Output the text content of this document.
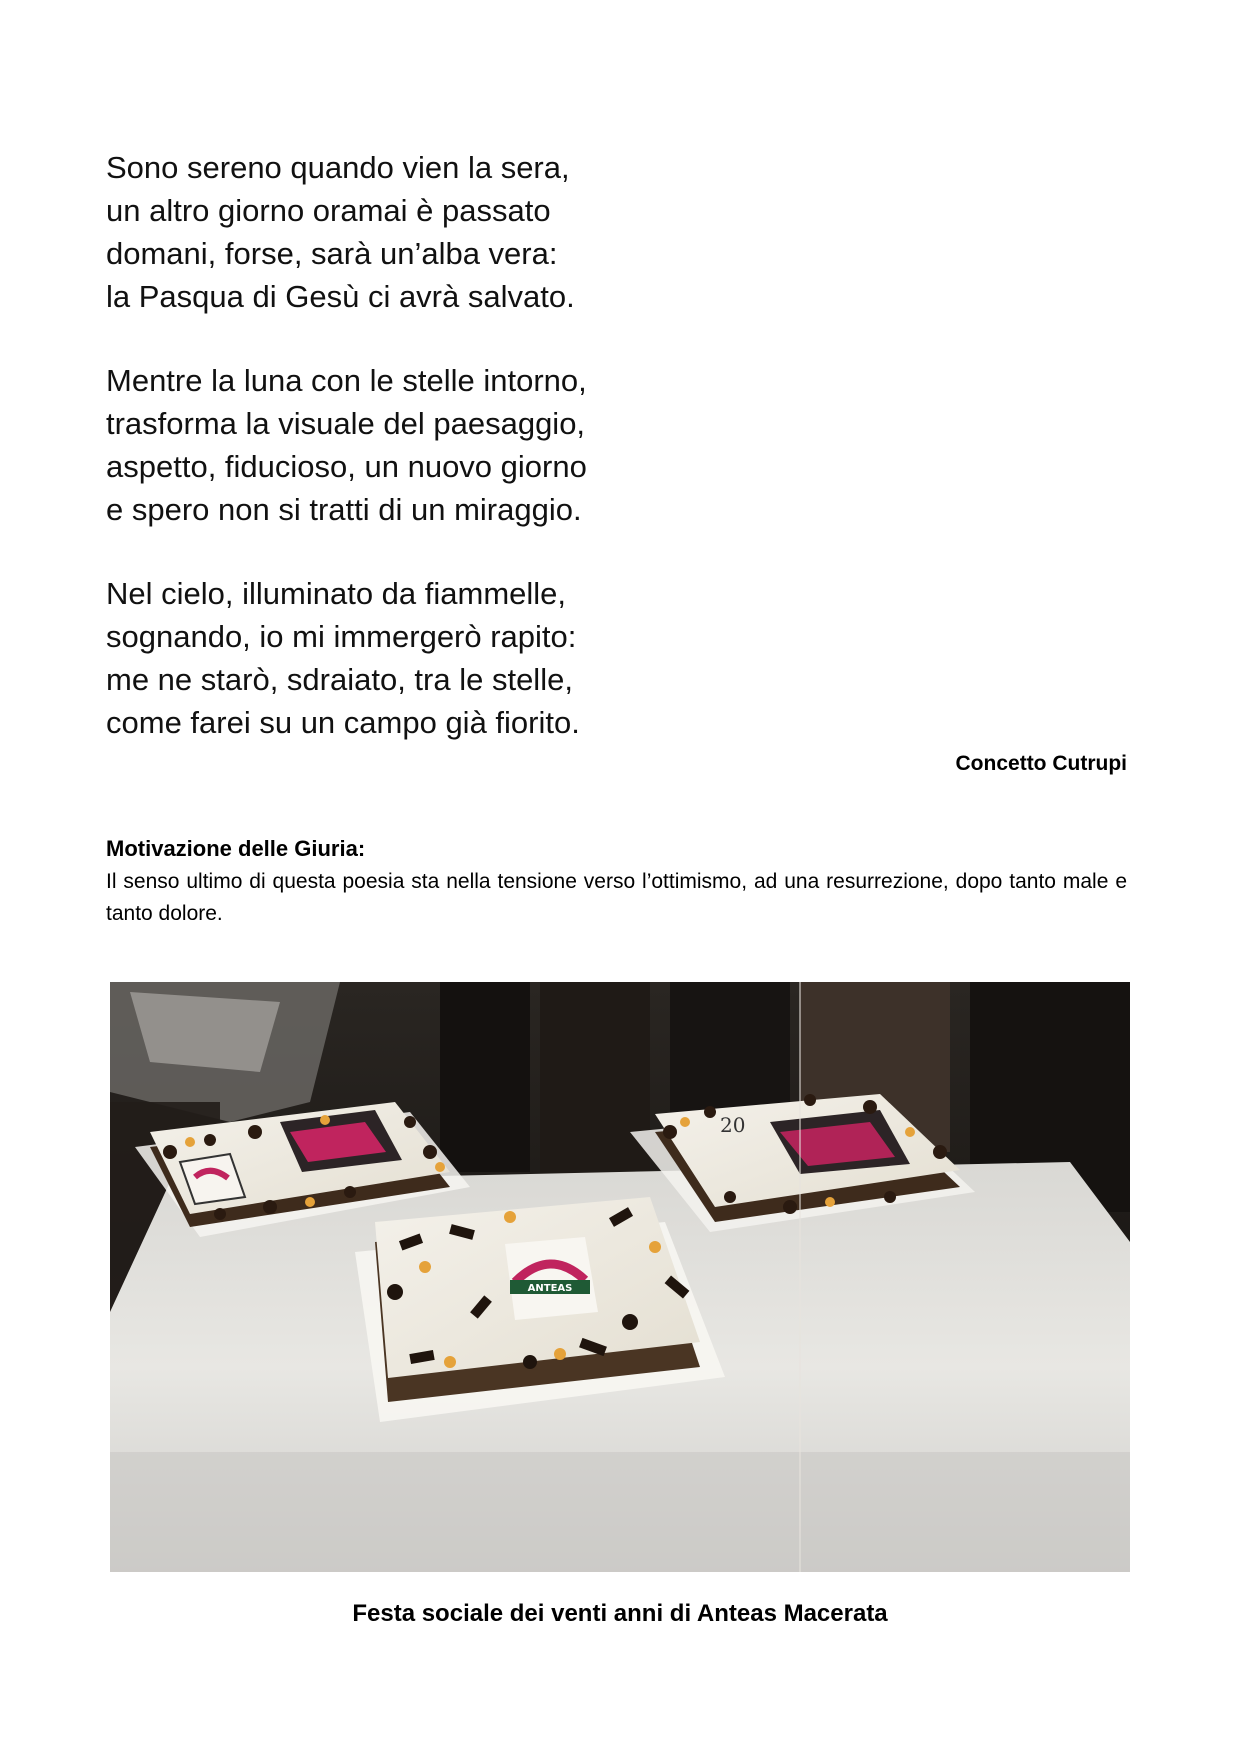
Sono sereno quando vien la sera,
un altro giorno oramai è passato
domani, forse, sarà un’alba vera:
la Pasqua di Gesù ci avrà salvato.
Mentre la luna con le stelle intorno,
trasforma la visuale del paesaggio,
aspetto, fiducioso, un nuovo giorno
e spero non si tratti di un miraggio.
Nel cielo, illuminato da fiammelle,
sognando, io mi immergerò rapito:
me ne starò, sdraiato, tra le stelle,
come farei su un campo già fiorito.
Concetto Cutrupi
Motivazione delle Giuria:
Il senso ultimo di questa poesia sta nella tensione verso l’ottimismo, ad una resurrezione, dopo tanto male e tanto dolore.
20
ANTEAS
Festa sociale dei venti anni di Anteas Macerata
